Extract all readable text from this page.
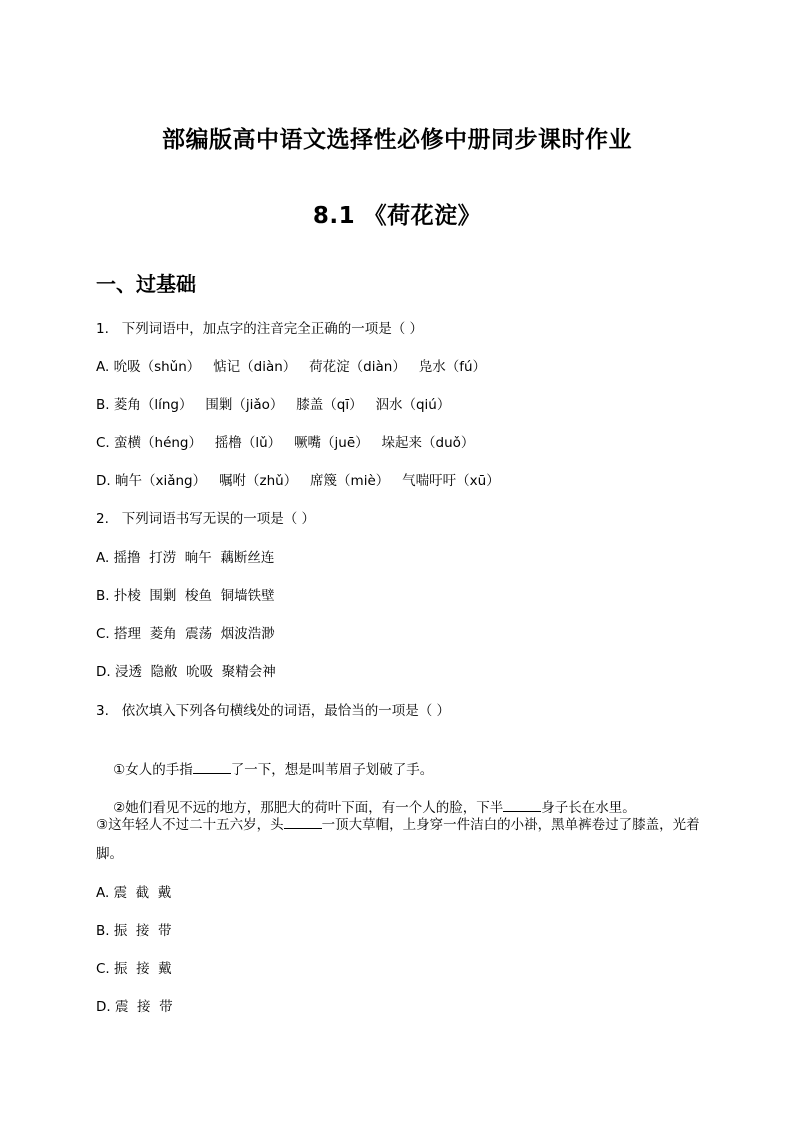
部编版高中语文选择性必修中册同步课时作业
8.1 《荷花淀》
一、过基础
1.   下列词语中，加点字的注音完全正确的一项是（ ）
A. 吮吸（shǔn）   惦记（diàn）   荷花淀（diàn）   凫水（fú）
B. 菱角（líng）   围剿（jiǎo）   膝盖（qī）   泅水（qiú）
C. 蛮横（héng）   摇橹（lǔ）   噘嘴（juē）   垛起来（duǒ）
D. 晌午（xiǎng）   嘱咐（zhǔ）   席篾（miè）   气喘吁吁（xū）
2.   下列词语书写无误的一项是（ ）
A. 摇撸  打涝  晌午  藕断丝连
B. 扑棱  围剿  梭鱼  铜墙铁壁
C. 搭理  菱角  震荡  烟波浩渺
D. 浸透  隐敝  吮吸  聚精会神
3.   依次填入下列各句横线处的词语，最恰当的一项是（ ）

①女人的手指	了一下，想是叫苇眉子划破了手。

②她们看见不远的地方，那肥大的荷叶下面，有一个人的脸，下半	身子长在水里。

③这年轻人不过二十五六岁，头	一顶大草帽，上身穿一件洁白的小褂，黑单裤卷过了膝盖，光着脚。
A. 震  截  戴
B. 振  接  带
C. 振  接  戴
D. 震  接  带
